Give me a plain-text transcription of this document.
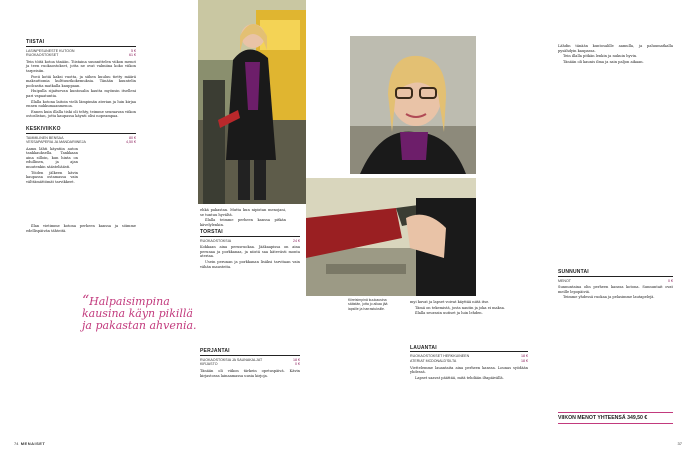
TIISTAI
LASINPESUNESTE KUTOON	5 €
RUOKAOSTOKSET	61 €

Tein töitä kotoa tänään. Tiistaina suunnittelen viikon menot ja teen ruokaostokset, jotta ne ovat valmiina koko viikon tarpeisiin.

Poeii kotiä kaksi vuotta, ja siihen kuuluu tietty määrä maksuttomia kulttuurikokemuksia. Tänään kuuntelin podcastia matkalla kauppaan.

Huipulla sijaitsevan kuntosalin kautta myönsin itselleni pari vapaatuntia.

Illalla kotona laitoin vielä lämpimän aterian ja luin kirjaa ennen nukkumaanmenoa.

Ennen kuin illalla tiski oli tehty, teimme seuraavan viikon ostoslistan, jotta kaupassa käynti olisi nopeampaa.

KESKIVIIKKO
TAMMILINEN BENSAA	80 €
VESSAPAPERIA JA MANDARIINEJA	4,50 €

Aamu lähti käyntiin auton tankkauksella. Tankkaan aina silloin, kun hinta on edullinen, ja ajan muutenkin säästeliäästi.

Töiden jälkeen kävin kaupassa ostamassa vain välttämättömät tarvikkeet.

Illan vietimme kotona perheen kanssa ja söimme edellispäivän tähteitä.

“Halpaisimpina kausina käyn pikillä ja pakastan ahvenia.

ehkä pakastan. Mutta kun nipistan menojani, se tuntuu hyvältä.

Illalla teimme perheen kanssa pitkän kävelylenkin.

TORSTAI
RUOKAOSTOKSIA	24 €

Kokkaan aina perusruokaa. Jääkaapissa on aina perunaa ja porkkanaa, ja niistä saa kätevästi monta ateriaa.

Usein perunan ja porkkanan lisäksi tarvitaan vain vähän mausteita.

PERJANTAI
RUOKAOSTOKSIA JA SAUNAKALJAT	18 €
KIRJASTO	0 €

Tänään oli viikon tärkein opetuspäivä. Kävin kirjastossa lainaamassa uusia kirjoja.

Kiireisimpinä kuukausina säästän, jotta jo aikaa jää lapsille ja harrastuksille.

myi kuvat ja lapset voivat käyttää niitä itse.

Tämä on tekemistä, josta nautin ja joka ei maksa.

Illalla seurasin uutiset ja luin lehden.

LAUANTAI
RUOKAOSTOKSET HERKKUINEEN	18 €
ATERIAT MCDONALD'SILTA	18 €

Viettelemme lauantaita aina perheen kanssa. Lounas syödään yhdessä.

Lapset saavat päättää, mitä tehdään iltapäivällä.

Lähdin tänään kuntosalille aamulla, ja paluumatkalla pysähdyin kaupassa.

Tein illalla pitkän lenkin ja nukuin hyvin.

Tänään oli kaunis ilma ja sain paljon aikaan.

SUNNUNTAI
MENOT	0 €

Sunnuntaina olin perheen kanssa kotona. Sunnuntait ovat meille lepopäiviä.

Teimme yhdessä ruokaa ja pelasimme lautapelejä.

VIIKON MENOT YHTEENSÄ 349,50 €
74 MENAISET	37
